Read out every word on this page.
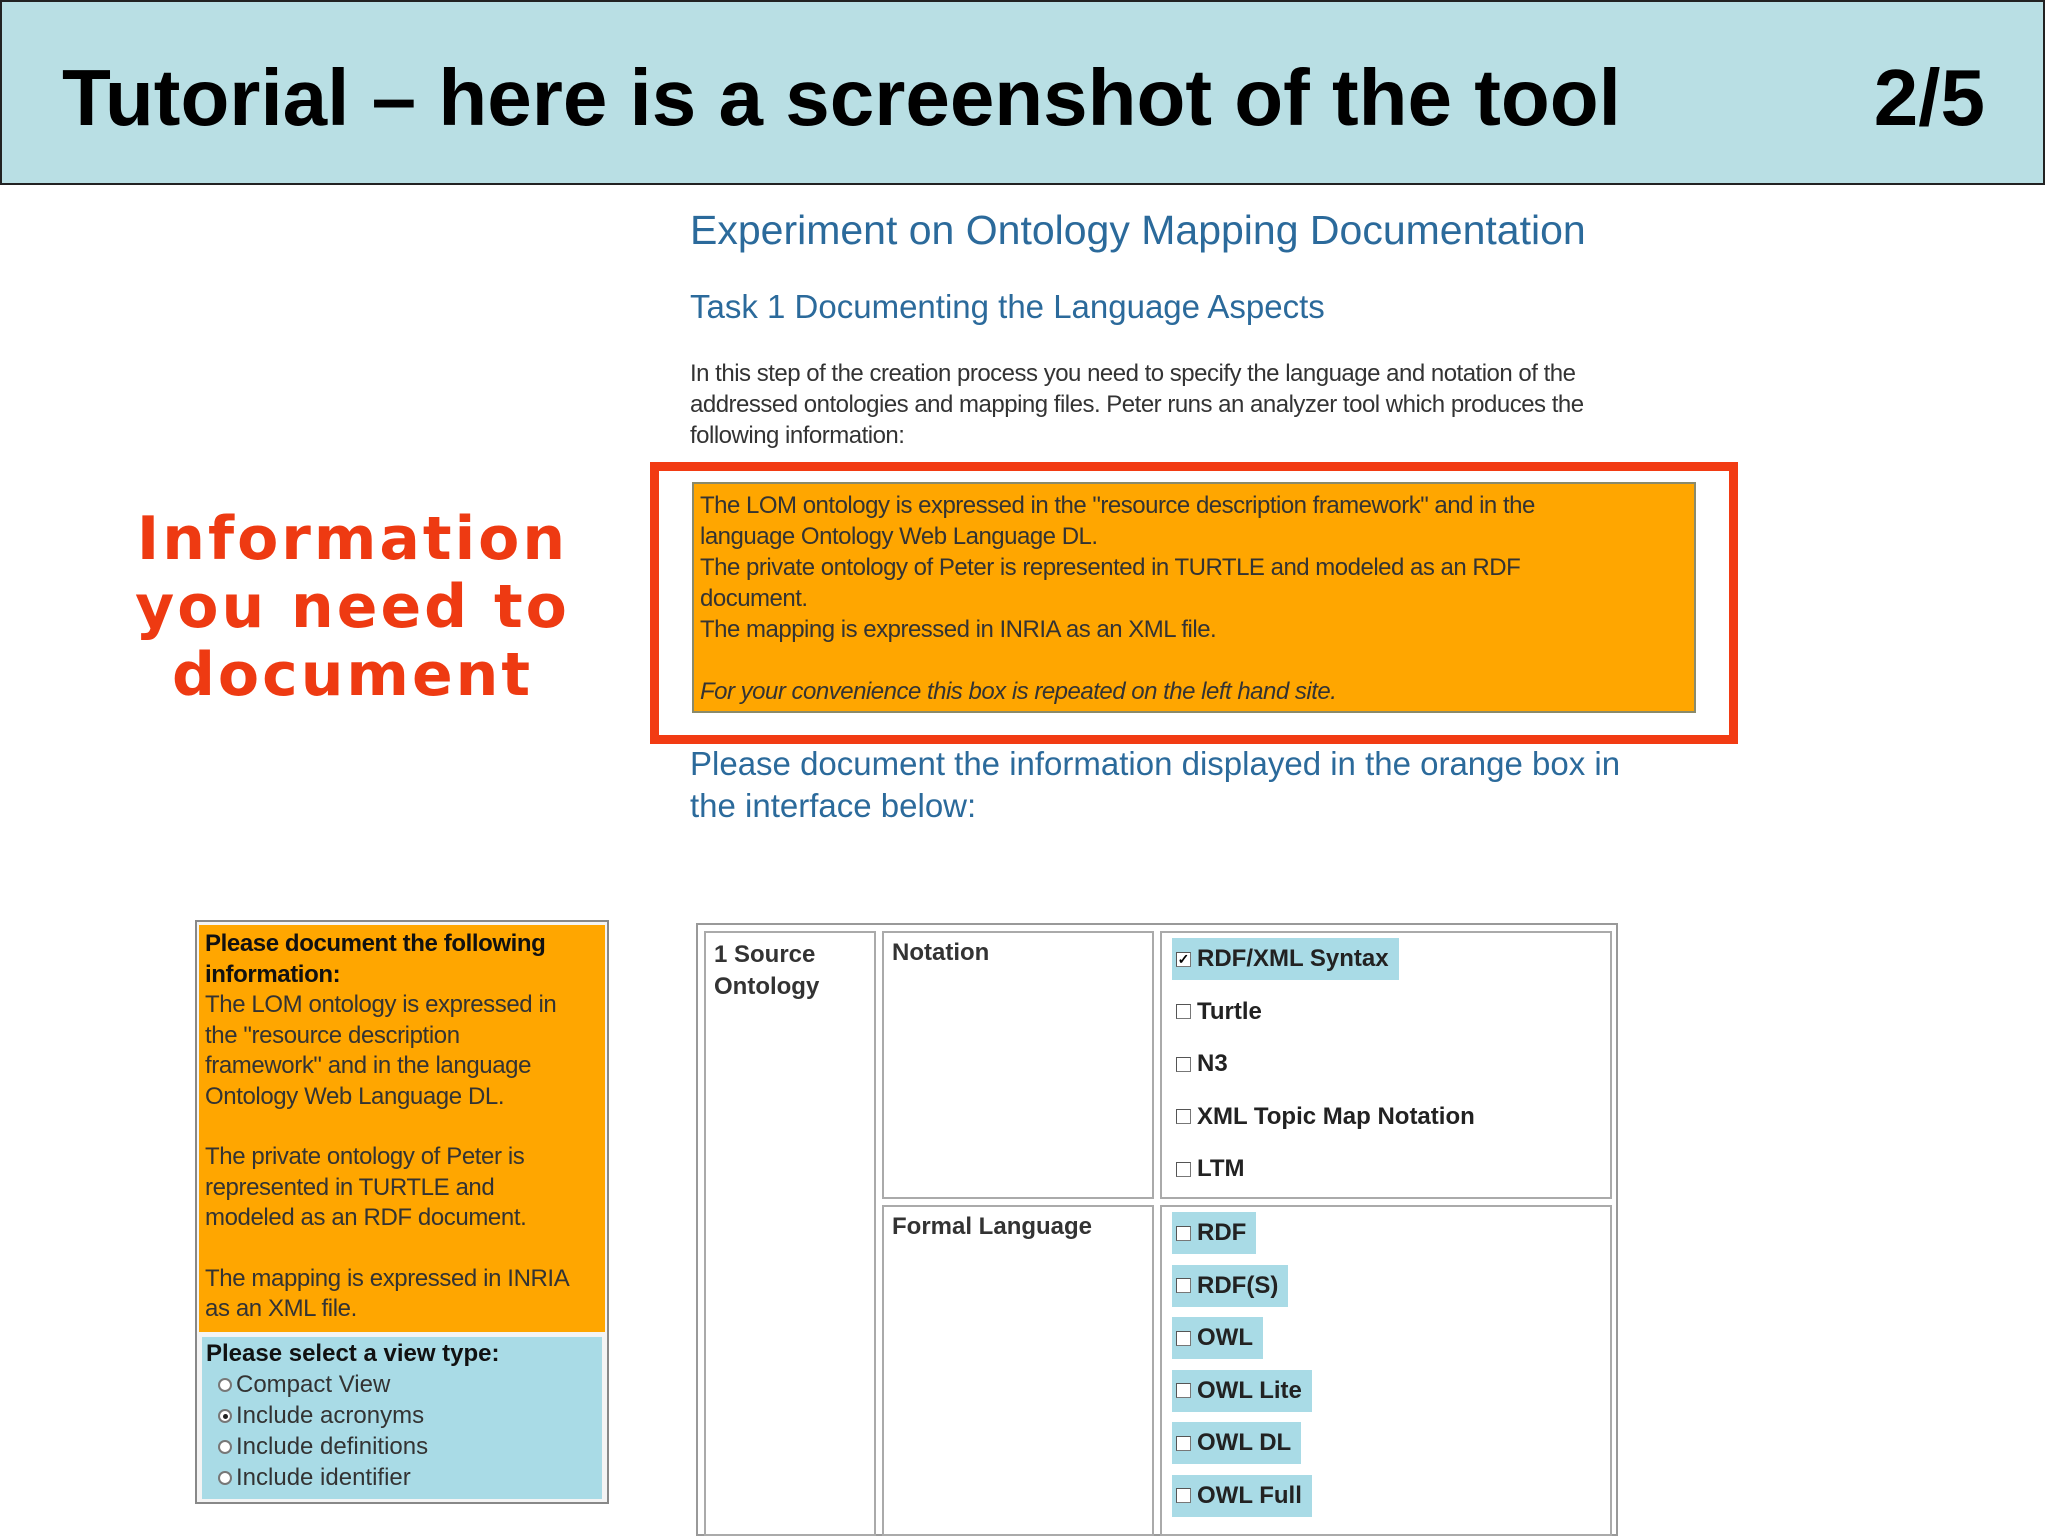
Tutorial – here is a screenshot of the tool	2/5
Information
you need to
document
Experiment on Ontology Mapping Documentation
Task 1 Documenting the Language Aspects
In this step of the creation process you need to specify the language and notation of the
addressed ontologies and mapping files. Peter runs an analyzer tool which produces the
following information:
The LOM ontology is expressed in the "resource description framework" and in the
language Ontology Web Language DL.
The private ontology of Peter is represented in TURTLE and modeled as an RDF
document.
The mapping is expressed in INRIA as an XML file.
For your convenience this box is repeated on the left hand site.
Please document the information displayed in the orange box in
the interface below:
Please document the following
information:
The LOM ontology is expressed in
the "resource description
framework" and in the language
Ontology Web Language DL.
The private ontology of Peter is
represented in TURTLE and
modeled as an RDF document.
The mapping is expressed in INRIA
as an XML file.
Please select a view type:
Compact View
Include acronyms
Include definitions
Include identifier
1 Source
Ontology
Notation	✓ RDF/XML Syntax
Turtle
N3
XML Topic Map Notation
LTM
Formal Language	RDF
RDF(S)
OWL
OWL Lite
OWL DL
OWL Full
